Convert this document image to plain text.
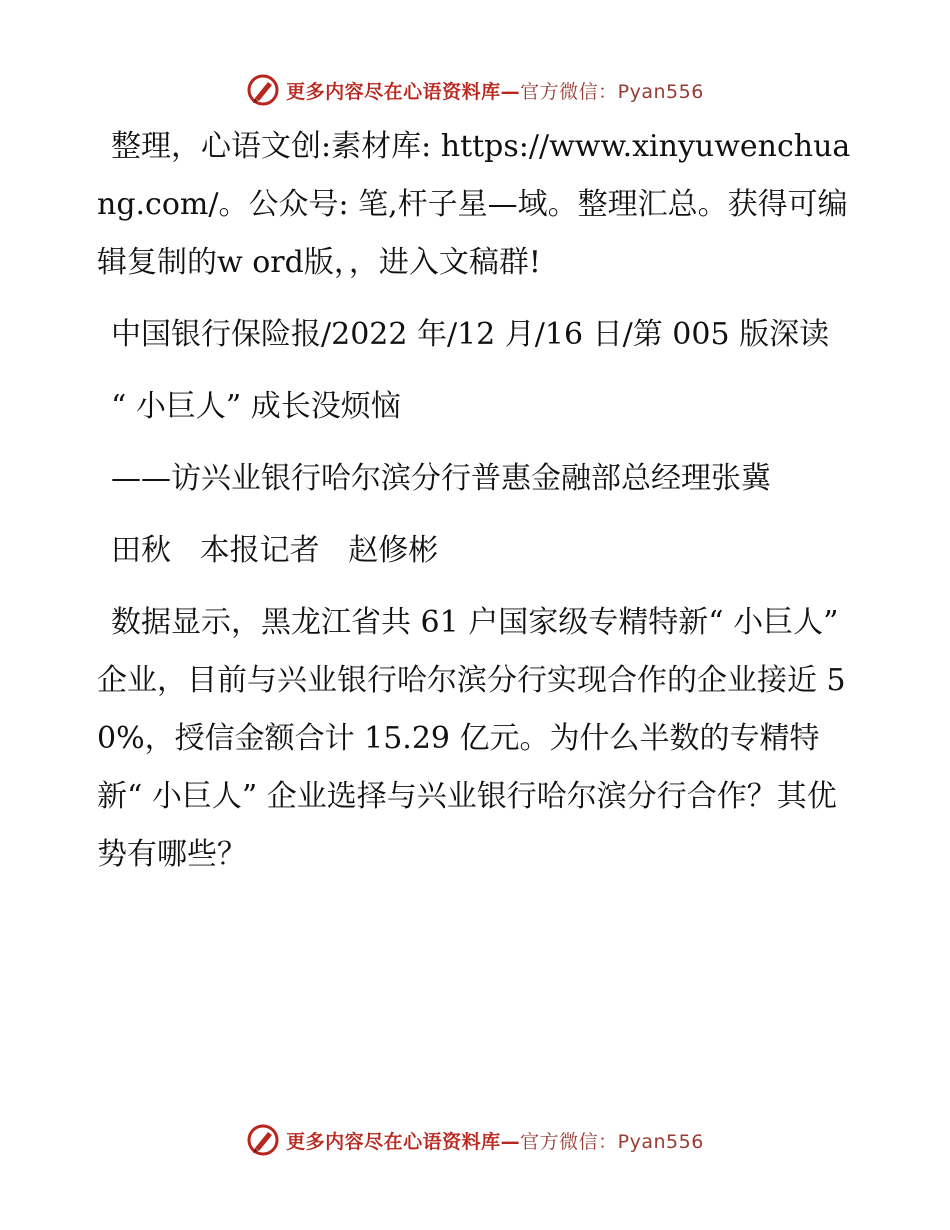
更多内容尽在心语资料库—官方微信：Pyan556

整理，心语文创:素材库: https://www.xinyuwenchuang.com/。公众号: 笔,杆子星—域。整理汇总。获得可编辑复制的w ord版，，进入文稿群!

中国银行保险报/2022 年/12 月/16 日/第 005 版深读

“ 小巨人” 成长没烦恼

——访兴业银行哈尔滨分行普惠金融部总经理张冀

田秋   本报记者   赵修彬

数据显示，黑龙江省共 61 户国家级专精特新“ 小巨人” 企业，目前与兴业银行哈尔滨分行实现合作的企业接近 50%，授信金额合计 15.29 亿元。为什么半数的专精特新“ 小巨人” 企业选择与兴业银行哈尔滨分行合作？其优势有哪些？

更多内容尽在心语资料库—官方微信：Pyan556
